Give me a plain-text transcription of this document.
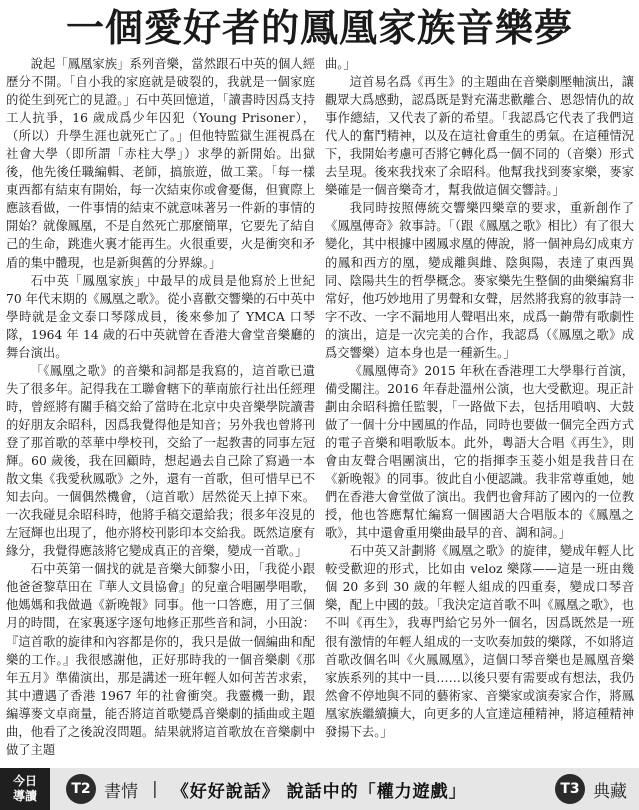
一個愛好者的鳳凰家族音樂夢

說起「鳳凰家族」系列音樂，當然跟石中英的個人經歷分不開。「自小我的家庭就是破裂的，我就是一個家庭的從生到死亡的見證。」石中英回憶道，「讀書時因爲支持工人抗爭，16 歲成爲少年囚犯（Young Prisoner），（所以）升學生涯也就死亡了。」但他特監獄生涯視爲在社會大學（即所謂「赤柱大學」）求學的新開始。出獄後，他先後任職編輯、老師，搞旅遊，做工業。「每一樣東西都有結束有開始，每一次結束你或會憂傷，但實際上應該看做，一件事情的結束不就意味著另一件新的事情的開始？就像鳳凰，不是自然死亡那麼簡單，它要先了結自己的生命，跳進火裏才能再生。火很重要，火是衝突和矛盾的集中體現，也是新與舊的分界線。」

石中英「鳳凰家族」中最早的成員是他寫於上世紀 70 年代末期的《鳳凰之歌》。從小喜歡交響樂的石中英中學時就是金文泰口琴隊成員，後來參加了 YMCA 口琴隊，1964 年 14 歲的石中英就曾在香港大會堂音樂廳的舞台演出。

「《鳳凰之歌》的音樂和詞都是我寫的，這首歌已遺失了很多年。記得我在工聯會轄下的華南旅行社出任經理時，曾經將有關手稿交給了當時在北京中央音樂學院讀書的好朋友余昭科，因爲我覺得他是知音；另外我也曾將刊登了那首歌的萃華中學校刊，交給了一起教書的同事左冠輝。60 歲後，我在回顧時，想起過去自己除了寫過一本散文集《我愛秋鳳歌》之外，還有一首歌，但可惜早已不知去向。一個偶然機會，（這首歌）居然從天上掉下來。一次我碰見余昭科時，他將手稿交還給我；很多年沒見的左冠輝也出現了，他亦將校刊影印本交給我。既然這麼有緣分，我覺得應該將它變成真正的音樂，變成一首歌。」

石中英第一個找的就是音樂大師黎小田，「我從小跟他爸爸黎草田在『華人文員協會』的兒童合唱團學唱歌，他媽媽和我做過《新晚報》同事。他一口答應，用了三個月的時間，在家裏逐字逐句地修正那些音和詞，小田說：『這首歌的旋律和內容都是你的，我只是做一個編曲和配樂的工作。』我很感謝他，正好那時我的一個音樂劇《那年五月》準備演出，那是講述一班年輕人如何苦苦求索，其中遭遇了香港 1967 年的社會衝突。我靈機一動，跟編導麥文卓商量，能否將這首歌變爲音樂劇的插曲或主題曲，他看了之後說沒問題。結果就將這首歌放在音樂劇中做了主題

曲。」

這首易名爲《再生》的主題曲在音樂劇壓軸演出，讓觀眾大爲感動，認爲既是對充滿悲歡離合、恩怨情仇的故事作總結，又代表了新的希望。「我認爲它代表了我們這代人的奮鬥精神，以及在這社會重生的勇氣。在這種情況下，我開始考慮可否將它轉化爲一個不同的（音樂）形式去呈現。後來我找來了余昭科。他幫我找到麥家樂，麥家樂確是一個音樂奇才，幫我做這個交響詩。」

我同時按照傳統交響樂四樂章的要求，重新創作了《鳳凰傳奇》敘事詩。「（跟《鳳凰之歌》相比）有了很大變化，其中根據中國鳳求凰的傳說，將一個神鳥幻成東方的鳳和西方的凰，變成離與雌、陰與陽，表達了東西異同、陰陽共生的哲學概念。麥家樂先生整個的曲樂編寫非常好，他巧妙地用了男聲和女聲，居然將我寫的敘事詩一字不改、一字不漏地用人聲唱出來，成爲一齣帶有歌劇性的演出，這是一次完美的合作，我認爲（《鳳凰之歌》成爲交響樂）這本身也是一種新生。」

《鳳凰傳奇》2015 年秋在香港理工大學舉行首演，備受關注。2016 年春赴溫州公演，也大受歡迎。現正計劃由余昭科擔任監製，「一路做下去，包括用嗩吶、大鼓做了一個十分中國風的作品，同時也要做一個完全西方式的電子音樂和唱歌版本。此外，粵語大合唱《再生》，則會由友聲合唱團演出，它的指揮李玉菱小姐是我昔日在《新晚報》的同事。彼此自小便認識。我非常尊重她，她們在香港大會堂做了演出。我們也會拜訪了國內的一位教授，他也答應幫忙編寫一個國語大合唱版本的《鳳凰之歌》，其中還會重用樂曲最早的音、調和詞。」

石中英又計劃將《鳳凰之歌》的旋律，變成年輕人比較受歡迎的形式，比如由 veloz 樂隊——這是一班由幾個 20 多到 30 歲的年輕人組成的四重奏，變成口琴音樂，配上中國的鼓。「我決定這首歌不叫《鳳凰之歌》，也不叫《再生》，我專門給它另外一個名，因爲既然是一班很有激情的年輕人組成的一支吹奏加鼓的樂隊，不如將這首歌改個名叫《火鳳鳳凰》，這個口琴音樂也是鳳凰音樂家族系列的其中一員……以後只要有需要或有想法，我仍然會不停地與不同的藝術家、音樂家或演奏家合作，將鳳凰家族繼續擴大，向更多的人宣達這種精神，將這種精神發揚下去。」

今日
導讀	T2 書情 | 《好好說話》 說話中的「權力遊戲」	T3 典藏
